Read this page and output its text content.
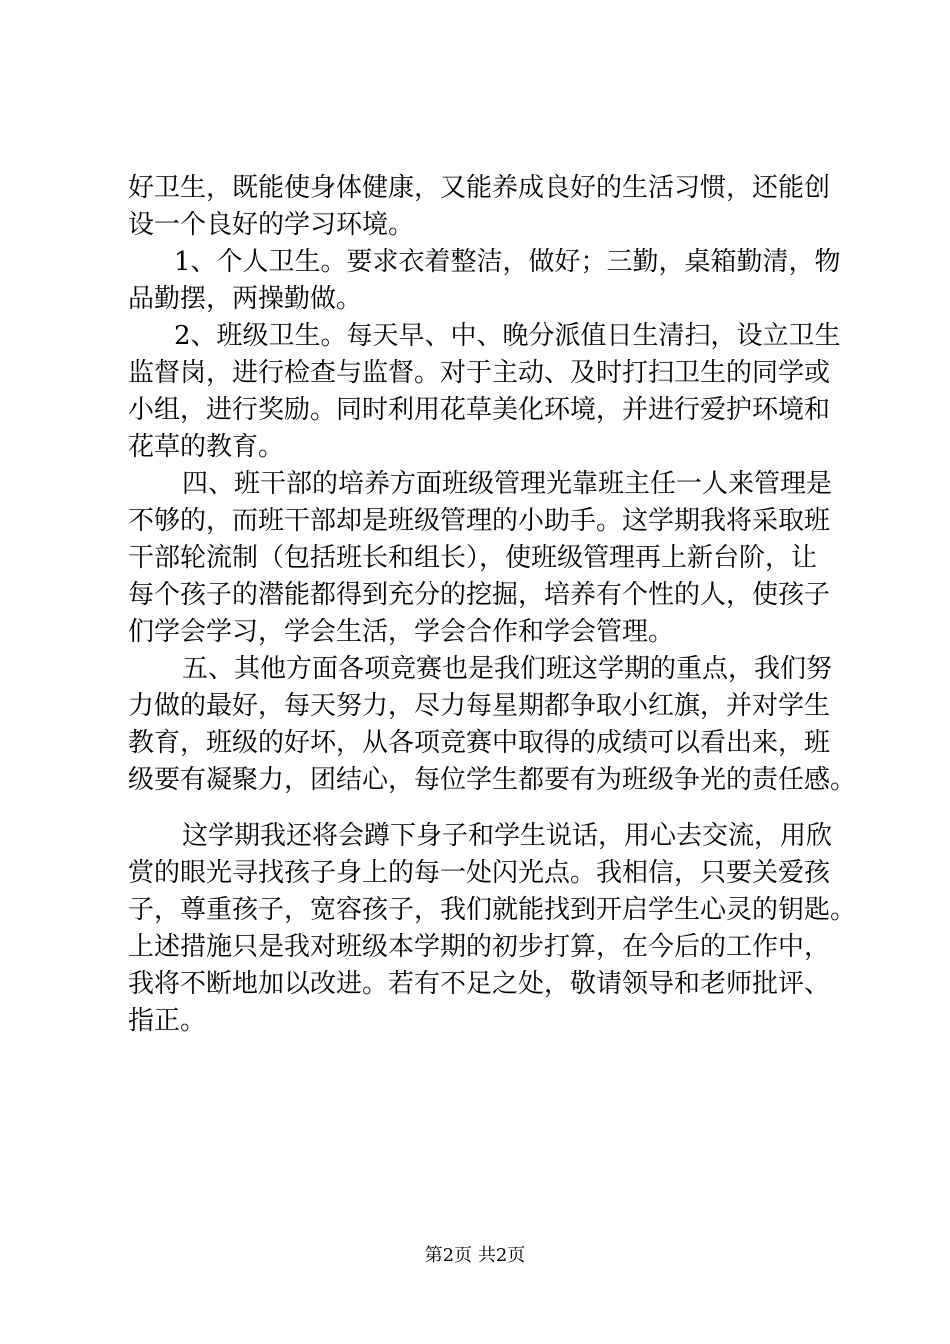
好卫生，既能使身体健康，又能养成良好的生活习惯，还能创
设一个良好的学习环境。
1、个人卫生。要求衣着整洁，做好；三勤，桌箱勤清，物
品勤摆，两操勤做。
2、班级卫生。每天早、中、晚分派值日生清扫，设立卫生
监督岗，进行检查与监督。对于主动、及时打扫卫生的同学或
小组，进行奖励。同时利用花草美化环境，并进行爱护环境和
花草的教育。
四、班干部的培养方面班级管理光靠班主任一人来管理是
不够的，而班干部却是班级管理的小助手。这学期我将采取班
干部轮流制（包括班长和组长），使班级管理再上新台阶，让
每个孩子的潜能都得到充分的挖掘，培养有个性的人，使孩子
们学会学习，学会生活，学会合作和学会管理。
五、其他方面各项竞赛也是我们班这学期的重点，我们努
力做的最好，每天努力，尽力每星期都争取小红旗，并对学生
教育，班级的好坏，从各项竞赛中取得的成绩可以看出来，班
级要有凝聚力，团结心，每位学生都要有为班级争光的责任感。
这学期我还将会蹲下身子和学生说话，用心去交流，用欣
赏的眼光寻找孩子身上的每一处闪光点。我相信，只要关爱孩
子，尊重孩子，宽容孩子，我们就能找到开启学生心灵的钥匙。
上述措施只是我对班级本学期的初步打算，在今后的工作中，
我将不断地加以改进。若有不足之处，敬请领导和老师批评、
指正。
第2页 共2页
